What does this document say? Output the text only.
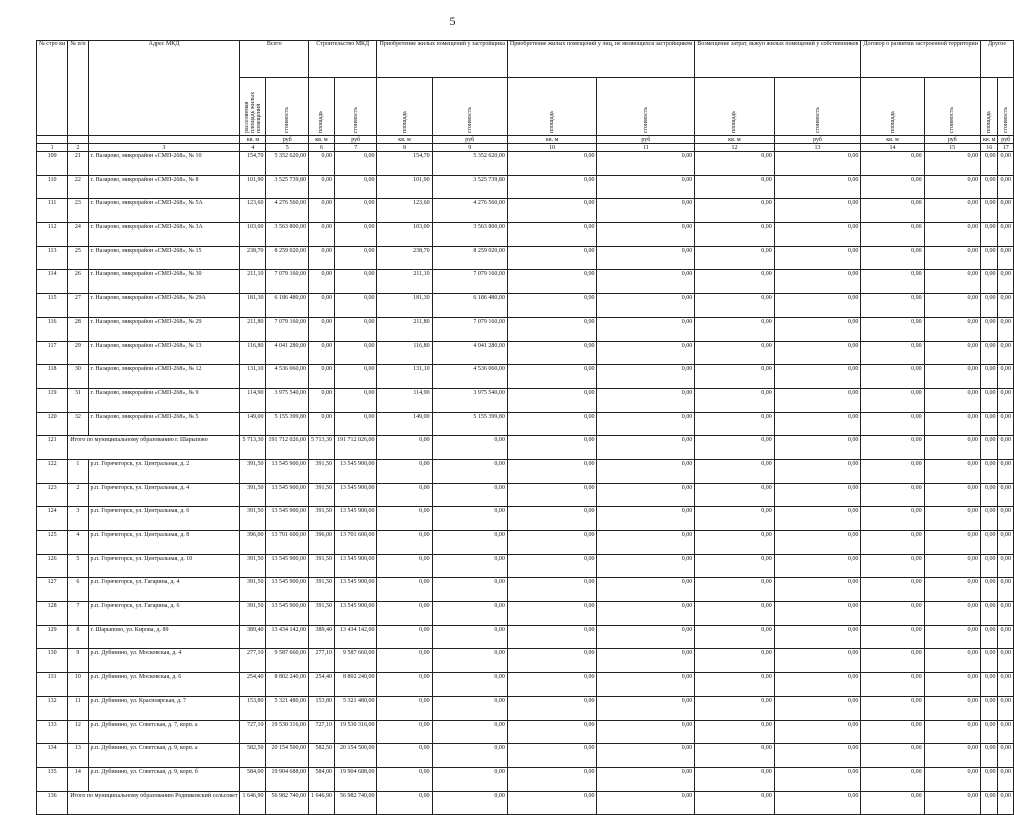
5
№ стро ки	№ п/п	Адрес МКД	Всего		Строительство МКД		Приобретение жилых помещений у застройщика		Приобретение жилых помещений у лиц, не являющихся застройщиком		Возмещение затрат, выкуп жилых помещений у собственников		Договор о развитии застроенной территории		Другое	
			расселяемая площадь жилых помещений	стоимость	площадь	стоимость	площадь	стоимость	площадь	стоимость	площадь	стоимость	площадь	стоимость	площадь	стоимость
			кв. м	руб	кв. м	руб	кв. м	руб	кв. м	руб	кв. м	руб	кв. м	руб	кв. м	руб
1	2	3	4	5	6	7	8	9	10	11	12	13	14	15	16	17
109	21	г. Назарово, микрорайон «СМП-268», № 10	154,70	5 352 620,00	0,00	0,00	154,70	5 352 620,00	0,00	0,00	0,00	0,00	0,00	0,00	0,00	0,00
110	22	г. Назарово, микрорайон «СМП-268», № 8	101,90	3 525 739,80	0,00	0,00	101,90	3 525 739,80	0,00	0,00	0,00	0,00	0,00	0,00	0,00	0,00
111	23	г. Назарово, микрорайон «СМП-268», № 5А	123,60	4 276 560,00	0,00	0,00	123,60	4 276 560,00	0,00	0,00	0,00	0,00	0,00	0,00	0,00	0,00
112	24	г. Назарово, микрорайон «СМП-268», № 3А	103,00	3 563 800,00	0,00	0,00	103,00	3 563 800,00	0,00	0,00	0,00	0,00	0,00	0,00	0,00	0,00
113	25	г. Назарово, микрорайон «СМП-268», № 15	238,70	8 259 020,00	0,00	0,00	238,70	8 259 020,00	0,00	0,00	0,00	0,00	0,00	0,00	0,00	0,00
114	26	г. Назарово, микрорайон «СМП-268», № 30	211,10	7 079 160,00	0,00	0,00	211,10	7 079 160,00	0,00	0,00	0,00	0,00	0,00	0,00	0,00	0,00
115	27	г. Назарово, микрорайон «СМП-268», № 29А	181,30	6 186 480,00	0,00	0,00	181,30	6 186 480,00	0,00	0,00	0,00	0,00	0,00	0,00	0,00	0,00
116	28	г. Назарово, микрорайон «СМП-268», № 29	211,80	7 079 160,00	0,00	0,00	211,80	7 079 160,00	0,00	0,00	0,00	0,00	0,00	0,00	0,00	0,00
117	29	г. Назарово, микрорайон «СМП-268», № 13	116,80	4 041 280,00	0,00	0,00	116,80	4 041 280,00	0,00	0,00	0,00	0,00	0,00	0,00	0,00	0,00
118	30	г. Назарово, микрорайон «СМП-268», № 12	131,10	4 536 060,00	0,00	0,00	131,10	4 536 060,00	0,00	0,00	0,00	0,00	0,00	0,00	0,00	0,00
119	31	г. Назарово, микрорайон «СМП-268», № 9	114,90	3 975 540,00	0,00	0,00	114,90	3 975 540,00	0,00	0,00	0,00	0,00	0,00	0,00	0,00	0,00
120	32	г. Назарово, микрорайон «СМП-268», № 5	149,00	5 155 399,80	0,00	0,00	149,00	5 155 399,80	0,00	0,00	0,00	0,00	0,00	0,00	0,00	0,00
121	Итого по муниципальному образованию г. Шарыпово		5 713,30	191 712 026,00	5 713,30	191 712 026,00	0,00	0,00	0,00	0,00	0,00	0,00	0,00	0,00	0,00	0,00
122	1	р.п. Горячегорск, ул. Центральная, д. 2	391,50	13 545 900,00	391,50	13 545 900,00	0,00	0,00	0,00	0,00	0,00	0,00	0,00	0,00	0,00	0,00
123	2	р.п. Горячегорск, ул. Центральная, д. 4	391,50	13 545 900,00	391,50	13 545 900,00	0,00	0,00	0,00	0,00	0,00	0,00	0,00	0,00	0,00	0,00
124	3	р.п. Горячегорск, ул. Центральная, д. 6	391,50	13 545 900,00	391,50	13 545 900,00	0,00	0,00	0,00	0,00	0,00	0,00	0,00	0,00	0,00	0,00
125	4	р.п. Горячегорск, ул. Центральная, д. 8	396,00	13 701 600,00	396,00	13 701 600,00	0,00	0,00	0,00	0,00	0,00	0,00	0,00	0,00	0,00	0,00
126	5	р.п. Горячегорск, ул. Центральная, д. 10	391,50	13 545 900,00	391,50	13 545 900,00	0,00	0,00	0,00	0,00	0,00	0,00	0,00	0,00	0,00	0,00
127	6	р.п. Горячегорск, ул. Гагарина, д. 4	391,50	13 545 900,00	391,50	13 545 900,00	0,00	0,00	0,00	0,00	0,00	0,00	0,00	0,00	0,00	0,00
128	7	р.п. Горячегорск, ул. Гагарина, д. 6	391,50	13 545 900,00	391,50	13 545 900,00	0,00	0,00	0,00	0,00	0,00	0,00	0,00	0,00	0,00	0,00
129	8	г. Шарыпово, ул. Кирова, д. 89	389,40	13 434 142,00	389,40	13 434 142,00	0,00	0,00	0,00	0,00	0,00	0,00	0,00	0,00	0,00	0,00
130	9	р.п. Дубинино, ул. Московская, д. 4	277,10	9 587 660,00	277,10	9 587 660,00	0,00	0,00	0,00	0,00	0,00	0,00	0,00	0,00	0,00	0,00
131	10	р.п. Дубинино, ул. Московская, д. 6	254,40	8 802 240,00	254,40	8 802 240,00	0,00	0,00	0,00	0,00	0,00	0,00	0,00	0,00	0,00	0,00
132	11	р.п. Дубинино, ул. Красноярская, д. 7	153,80	5 321 480,00	153,80	5 321 480,00	0,00	0,00	0,00	0,00	0,00	0,00	0,00	0,00	0,00	0,00
133	12	р.п. Дубинино, ул. Советская, д. 7, корп. а	727,10	19 530 316,00	727,10	19 530 316,00	0,00	0,00	0,00	0,00	0,00	0,00	0,00	0,00	0,00	0,00
134	13	р.п. Дубинино, ул. Советская, д. 9, корп. а	582,50	20 154 500,00	582,50	20 154 500,00	0,00	0,00	0,00	0,00	0,00	0,00	0,00	0,00	0,00	0,00
135	14	р.п. Дубинино, ул. Советская, д. 9, корп. б	584,00	19 904 688,00	584,00	19 904 688,00	0,00	0,00	0,00	0,00	0,00	0,00	0,00	0,00	0,00	0,00
136	Итого по муниципальному образованию Родниковский сельсовет		1 646,90	56 982 740,00	1 646,90	56 982 740,00	0,00	0,00	0,00	0,00	0,00	0,00	0,00	0,00	0,00	0,00
